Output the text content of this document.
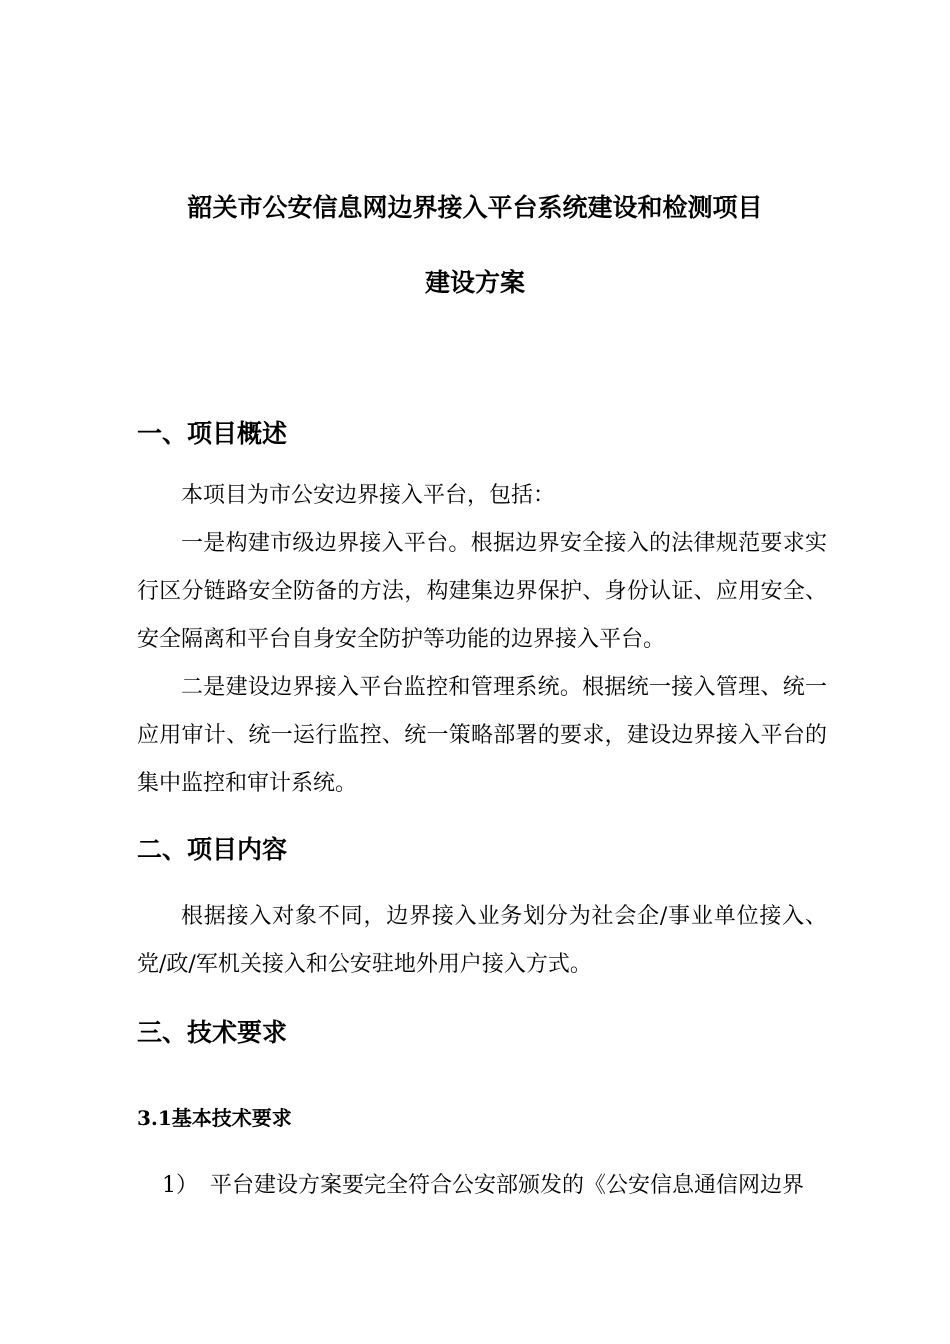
韶关市公安信息网边界接入平台系统建设和检测项目
建设方案
一、项目概述
本项目为市公安边界接入平台，包括：
一是构建市级边界接入平台。根据边界安全接入的法律规范要求实行区分链路安全防备的方法，构建集边界保护、身份认证、应用安全、安全隔离和平台自身安全防护等功能的边界接入平台。
二是建设边界接入平台监控和管理系统。根据统一接入管理、统一应用审计、统一运行监控、统一策略部署的要求，建设边界接入平台的集中监控和审计系统。
二、项目内容
根据接入对象不同，边界接入业务划分为社会企/事业单位接入、党/政/军机关接入和公安驻地外用户接入方式。
三、技术要求
3.1基本技术要求
1） 平台建设方案要完全符合公安部颁发的《公安信息通信网边界
